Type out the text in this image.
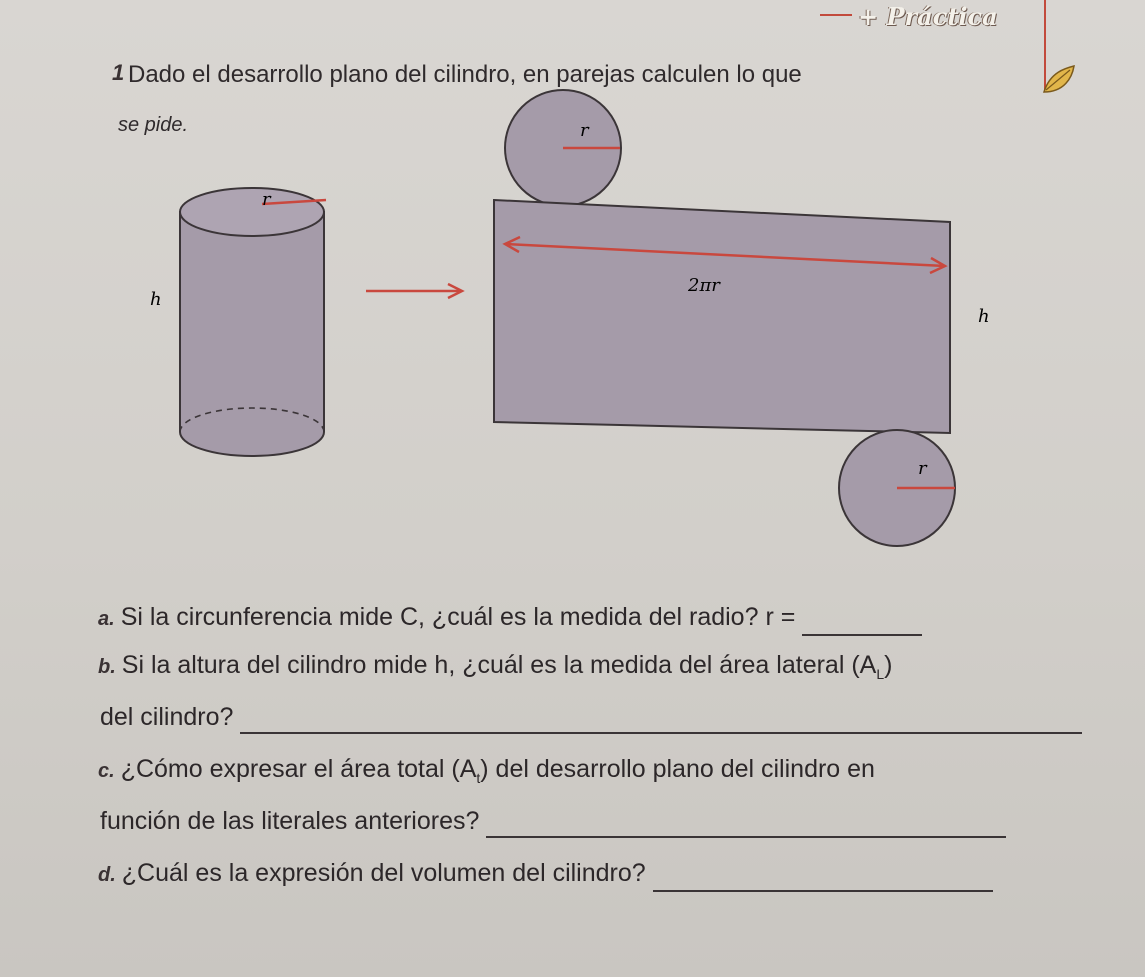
+ Práctica
1 Dado el desarrollo plano del cilindro, en parejas calculen lo que
se pide.
r
h
r
2πr
h
r
a. Si la circunferencia mide C, ¿cuál es la medida del radio? r =
b. Si la altura del cilindro mide h, ¿cuál es la medida del área lateral $(A_L)$
del cilindro?
c. ¿Cómo expresar el área total $(A_t)$ del desarrollo plano del cilindro en
función de las literales anteriores?
d. ¿Cuál es la expresión del volumen del cilindro?
